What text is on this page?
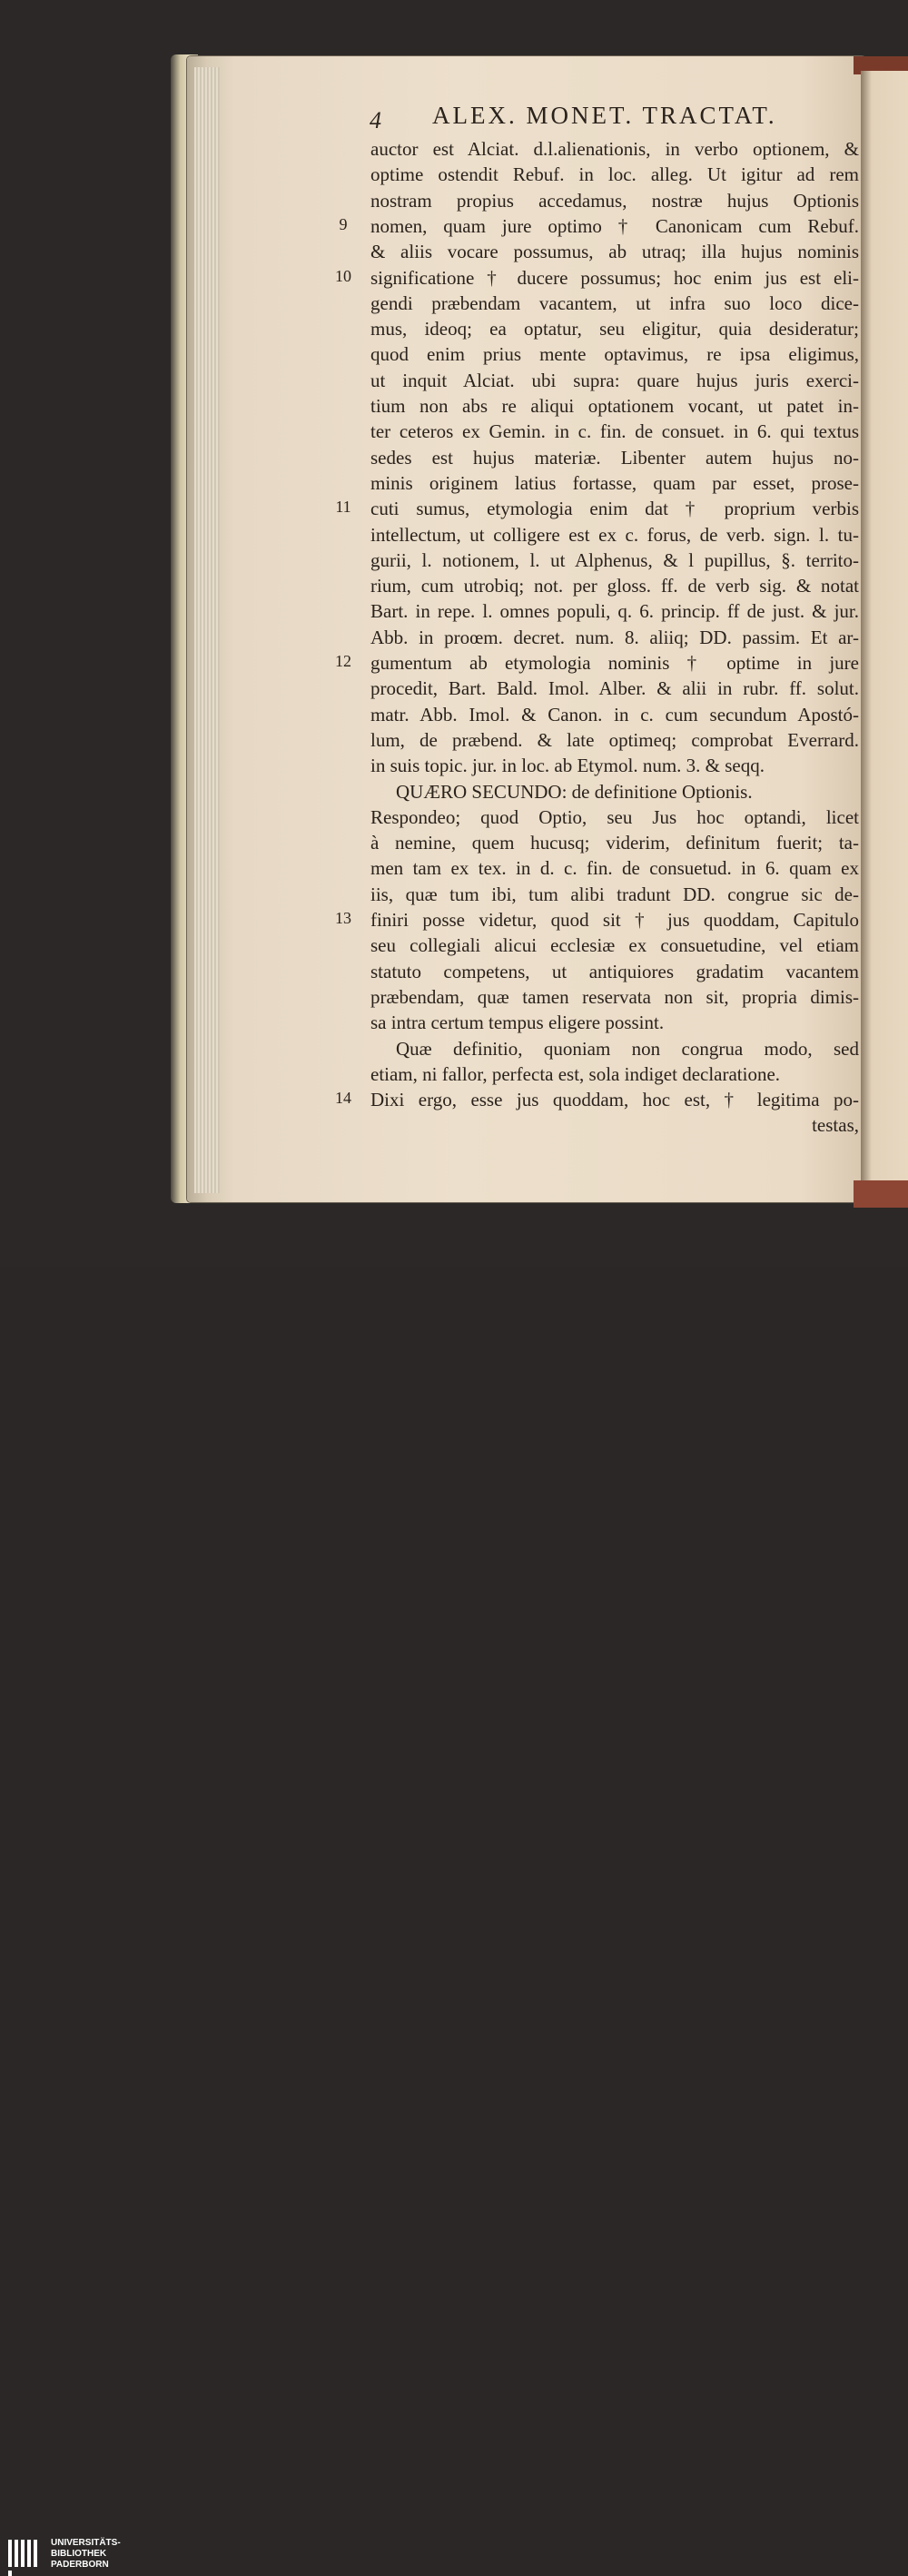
4 ALEX. MONET. TRACTAT.
auctor est Alciat. d.l.alienationis, in verbo optionem, &
optime ostendit Rebuf. in loc. alleg. Ut igitur ad rem
nostram propius accedamus, nostræ hujus Optionis
nomen, quam jure optimo † Canonicam cum Rebuf.
& aliis vocare possumus, ab utraq; illa hujus nominis
significatione † ducere possumus; hoc enim jus est eli-
gendi præbendam vacantem, ut infra suo loco dice-
mus, ideoq; ea optatur, seu eligitur, quia desideratur;
quod enim prius mente optavimus, re ipsa eligimus,
ut inquit Alciat. ubi supra: quare hujus juris exerci-
tium non abs re aliqui optationem vocant, ut patet in-
ter ceteros ex Gemin. in c. fin. de consuet. in 6. qui textus
sedes est hujus materiæ. Libenter autem hujus no-
minis originem latius fortasse, quam par esset, prose-
cuti sumus, etymologia enim dat † proprium verbis
intellectum, ut colligere est ex c. forus, de verb. sign. l. tu-
gurii, l. notionem, l. ut Alphenus, & l pupillus, §. territo-
rium, cum utrobiq; not. per gloss. ff. de verb sig. & notat
Bart. in repe. l. omnes populi, q. 6. princip. ff de just. & jur.
Abb. in proœm. decret. num. 8. aliiq; DD. passim. Et ar-
gumentum ab etymologia nominis † optime in jure
procedit, Bart. Bald. Imol. Alber. & alii in rubr. ff. solut.
matr. Abb. Imol. & Canon. in c. cum secundum Apostó-
lum, de præbend. & late optimeq; comprobat Everrard.
in suis topic. jur. in loc. ab Etymol. num. 3. & seqq.
QUÆRO SECUNDO: de definitione Optionis.
Respondeo; quod Optio, seu Jus hoc optandi, licet
à nemine, quem hucusq; viderim, definitum fuerit; ta-
men tam ex tex. in d. c. fin. de consuetud. in 6. quam ex
iis, quæ tum ibi, tum alibi tradunt DD. congrue sic de-
finiri posse videtur, quod sit † jus quoddam, Capitulo
seu collegiali alicui ecclesiæ ex consuetudine, vel etiam
statuto competens, ut antiquiores gradatim vacantem
præbendam, quæ tamen reservata non sit, propria dimis-
sa intra certum tempus eligere possint.
Quæ definitio, quoniam non congrua modo, sed
etiam, ni fallor, perfecta est, sola indiget declaratione.
Dixi ergo, esse jus quoddam, hoc est, † legitima po-
testas,
9
10
11
12
13
14
UNIVERSITÄTS-
BIBLIOTHEK
PADERBORN
